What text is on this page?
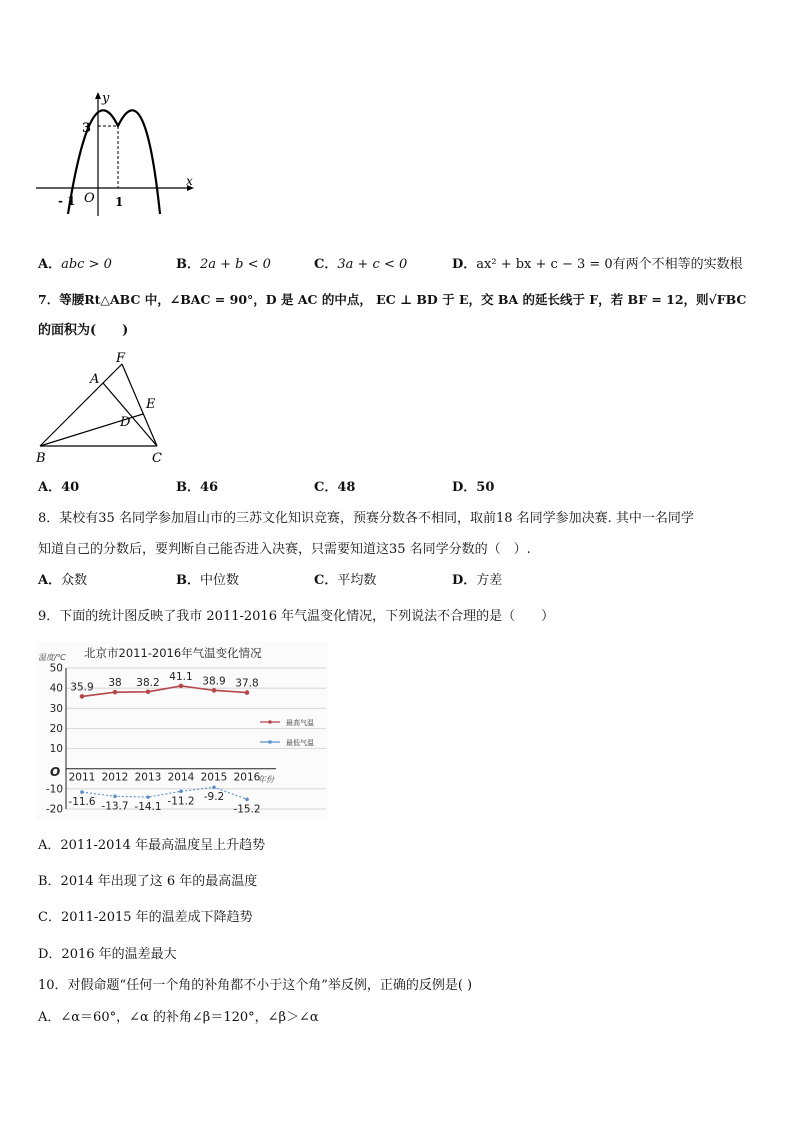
y
x
3
O
- 1	1
A．abc > 0	B．2a + b < 0	C．3a + c < 0	D．ax² + bx + c − 3 = 0有两个不相等的实数根
7．等腰Rt△ABC 中，∠BAC = 90°，D 是 AC 的中点， EC ⊥ BD 于 E，交 BA 的延长线于 F，若 BF = 12，则√FBC
的面积为(　　)
F
A
E
D
B	C
A．40	B．46	C．48	D．50
8．某校有35 名同学参加眉山市的三苏文化知识竞赛，预赛分数各不相同，取前18 名同学参加决赛. 其中一名同学
知道自己的分数后，要判断自己能否进入决赛，只需要知道这35 名同学分数的（　）.
A．众数	B．中位数	C．平均数	D．方差
9．下面的统计图反映了我市 2011-2016 年气温变化情况，下列说法不合理的是（　　）
北京市2011-2016年气温变化情况
温度/℃
50
40
30
20
10
-10
-20
2011 2012 2013 2014 2015 2016
35.9 38 38.2 41.1 38.9 37.8
-11.6 -13.7 -14.1 -11.2 -9.2
-15.2
年份
O
最高气温
最低气温
A．2011-2014 年最高温度呈上升趋势
B．2014 年出现了这 6 年的最高温度
C．2011-2015 年的温差成下降趋势
D．2016 年的温差最大
10．对假命题“任何一个角的补角都不小于这个角”举反例，正确的反例是( )
A．∠α＝60°，∠α 的补角∠β＝120°，∠β＞∠α
